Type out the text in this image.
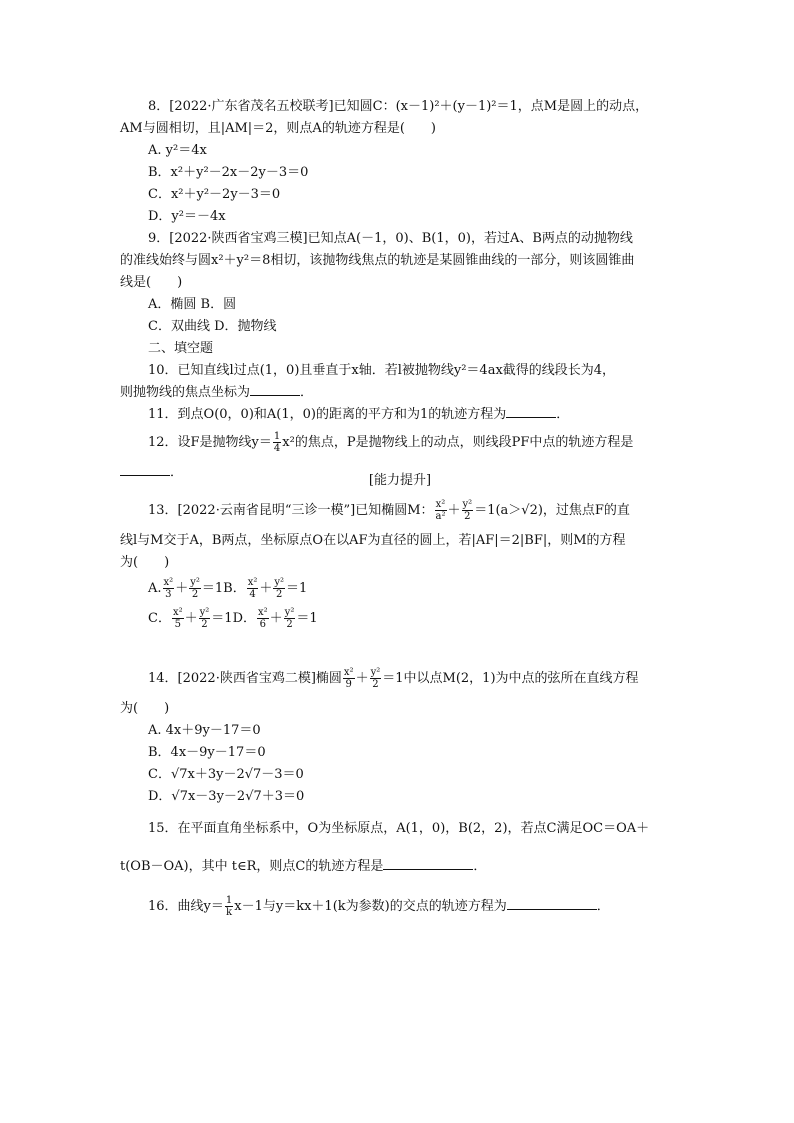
8．[2022·广东省茂名五校联考]已知圆C：(x－1)²＋(y－1)²＝1，点M是圆上的动点，
AM与圆相切，且|AM|＝2，则点A的轨迹方程是(　　)
A. y²＝4x
B．x²＋y²－2x－2y－3＝0
C．x²＋y²－2y－3＝0
D．y²＝－4x
9．[2022·陕西省宝鸡三模]已知点A(－1，0)、B(1，0)，若过A、B两点的动抛物线
的准线始终与圆x²＋y²＝8相切，该抛物线焦点的轨迹是某圆锥曲线的一部分，则该圆锥曲
线是(　　)
A．椭圆 B．圆
C．双曲线 D．抛物线
二、填空题
10．已知直线l过点(1，0)且垂直于x轴．若l被抛物线y²＝4ax截得的线段长为4，
则抛物线的焦点坐标为	．
11．到点O(0，0)和A(1，0)的距离的平方和为1的轨迹方程为	．
12．设F是抛物线$y= \frac{1}{4} x^2$的焦点，P是抛物线上的动点，则线段PF中点的轨迹方程是
．
[能力提升]
13．[2022·云南省昆明“三诊一模”]已知椭圆M： $\frac{\text{x²}}{\text{a²}} + \frac{\text{y²}}{2} =1(a>√2)$，过焦点F的直
线l与M交于A，B两点，坐标原点O在以AF为直径的圆上，若|AF|＝2|BF|，则M的方程
为(　　)
A. $\frac{\text{x²}}{3} + \frac{\text{y²}}{2} =1B$． $\frac{\text{x²}}{4} + \frac{\text{y²}}{2} =1$
C． $\frac{\text{x²}}{5} + \frac{\text{y²}}{2} =1D$． $\frac{\text{x²}}{6} + \frac{\text{y²}}{2} =1$
14．[2022·陕西省宝鸡二模]椭圆 $\frac{\text{x²}}{9} + \frac{\text{y²}}{2} =1$中以点M(2，1)为中点的弦所在直线方程
为(　　)
A. 4x＋9y－17＝0
B．4x－9y－17＝0
C．√7x＋3y－2√7－3＝0
D．√7x－3y－2√7＋3＝0
15．在平面直角坐标系中，O为坐标原点，A(1，0)，B(2，2)，若点C满足OC＝OA＋
t(OB－OA)，其中 t∈R，则点C的轨迹方程是	．
16．曲线$y= \frac{1}{k} x-1$与y＝kx＋1(k为参数)的交点的轨迹方程为	．
